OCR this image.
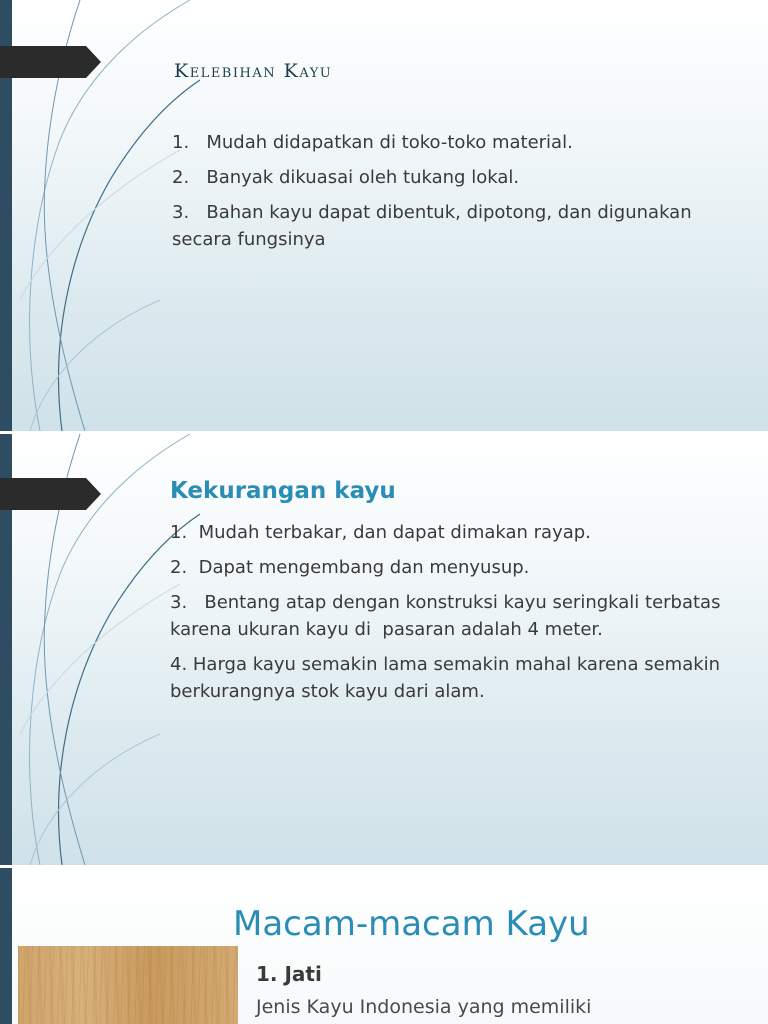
Kelebihan Kayu
1.   Mudah didapatkan di toko-toko material.
2.   Banyak dikuasai oleh tukang lokal.
3.   Bahan kayu dapat dibentuk, dipotong, dan digunakan secara fungsinya
Kekurangan kayu
1.  Mudah terbakar, dan dapat dimakan rayap.
2.  Dapat mengembang dan menyusup.
3.   Bentang atap dengan konstruksi kayu seringkali terbatas karena ukuran kayu di  pasaran adalah 4 meter.
4. Harga kayu semakin lama semakin mahal karena semakin berkurangnya stok kayu dari alam.
Macam-macam Kayu
1. Jati

Jenis Kayu Indonesia yang memiliki
